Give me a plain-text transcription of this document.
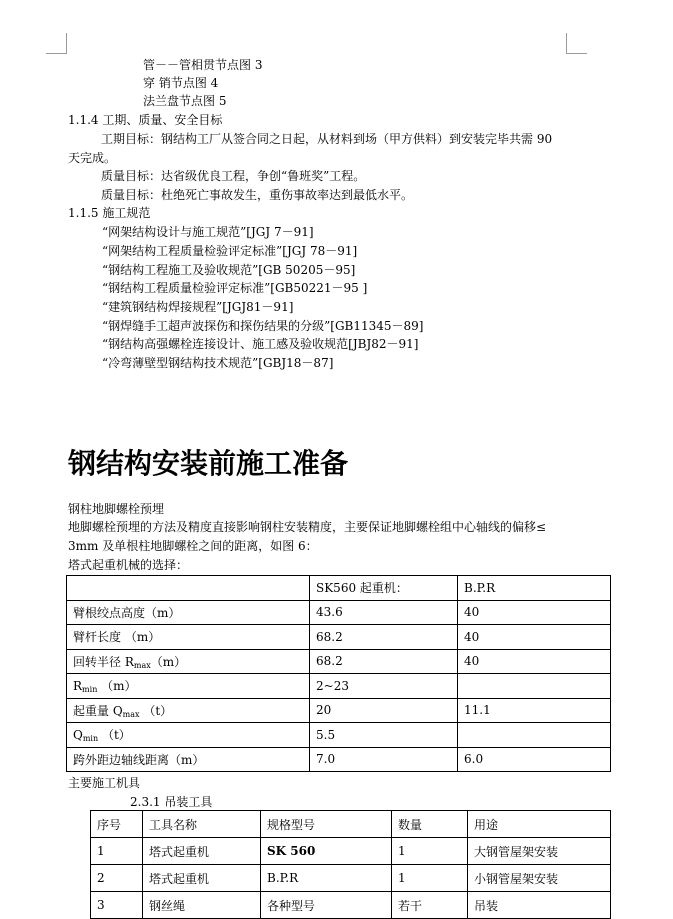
管－－管相贯节点图 3
穿 销节点图 4
法兰盘节点图 5
1.1.4 工期、质量、安全目标
工期目标：钢结构工厂从签合同之日起，从材料到场（甲方供料）到安装完毕共需 90
天完成。
质量目标：达省级优良工程，争创“鲁班奖”工程。
质量目标：杜绝死亡事故发生，重伤事故率达到最低水平。
1.1.5 施工规范
“网架结构设计与施工规范”[JGJ 7－91]
“网架结构工程质量检验评定标准”[JGJ 78－91]
“钢结构工程施工及验收规范”[GB 50205－95]
“钢结构工程质量检验评定标准”[GB50221－95 ]
“建筑钢结构焊接规程”[JGJ81－91]
“钢焊缝手工超声波探伤和探伤结果的分级”[GB11345－89]
“钢结构高强螺栓连接设计、施工感及验收规范[JBJ82－91]
“冷弯薄壁型钢结构技术规范”[GBJ18－87]
钢结构安装前施工准备
钢柱地脚螺栓预埋
地脚螺栓预埋的方法及精度直接影响钢柱安装精度，主要保证地脚螺栓组中心轴线的偏移≤
3mm 及单根柱地脚螺栓之间的距离，如图 6：
塔式起重机械的选择：
	SK560 起重机：	B.P.R
臂根绞点高度（m）	43.6	40
臂杆长度 （m）	68.2	40
回转半径 $R_{max}(m)$	68.2	40
$R_{min}$ （m）	2~23	
起重量 $Q_{max}$ （t）	20	11.1
$Q_{min}$ （t）	5.5	
跨外距边轴线距离（m）	7.0	6.0
主要施工机具
2.3.1 吊装工具
序号	工具名称	规格型号	数量	用途
1	塔式起重机	SK 560	1	大钢管屋架安装
2	塔式起重机	B.P.R	1	小钢管屋架安装
3	钢丝绳	各种型号	若干	吊装
